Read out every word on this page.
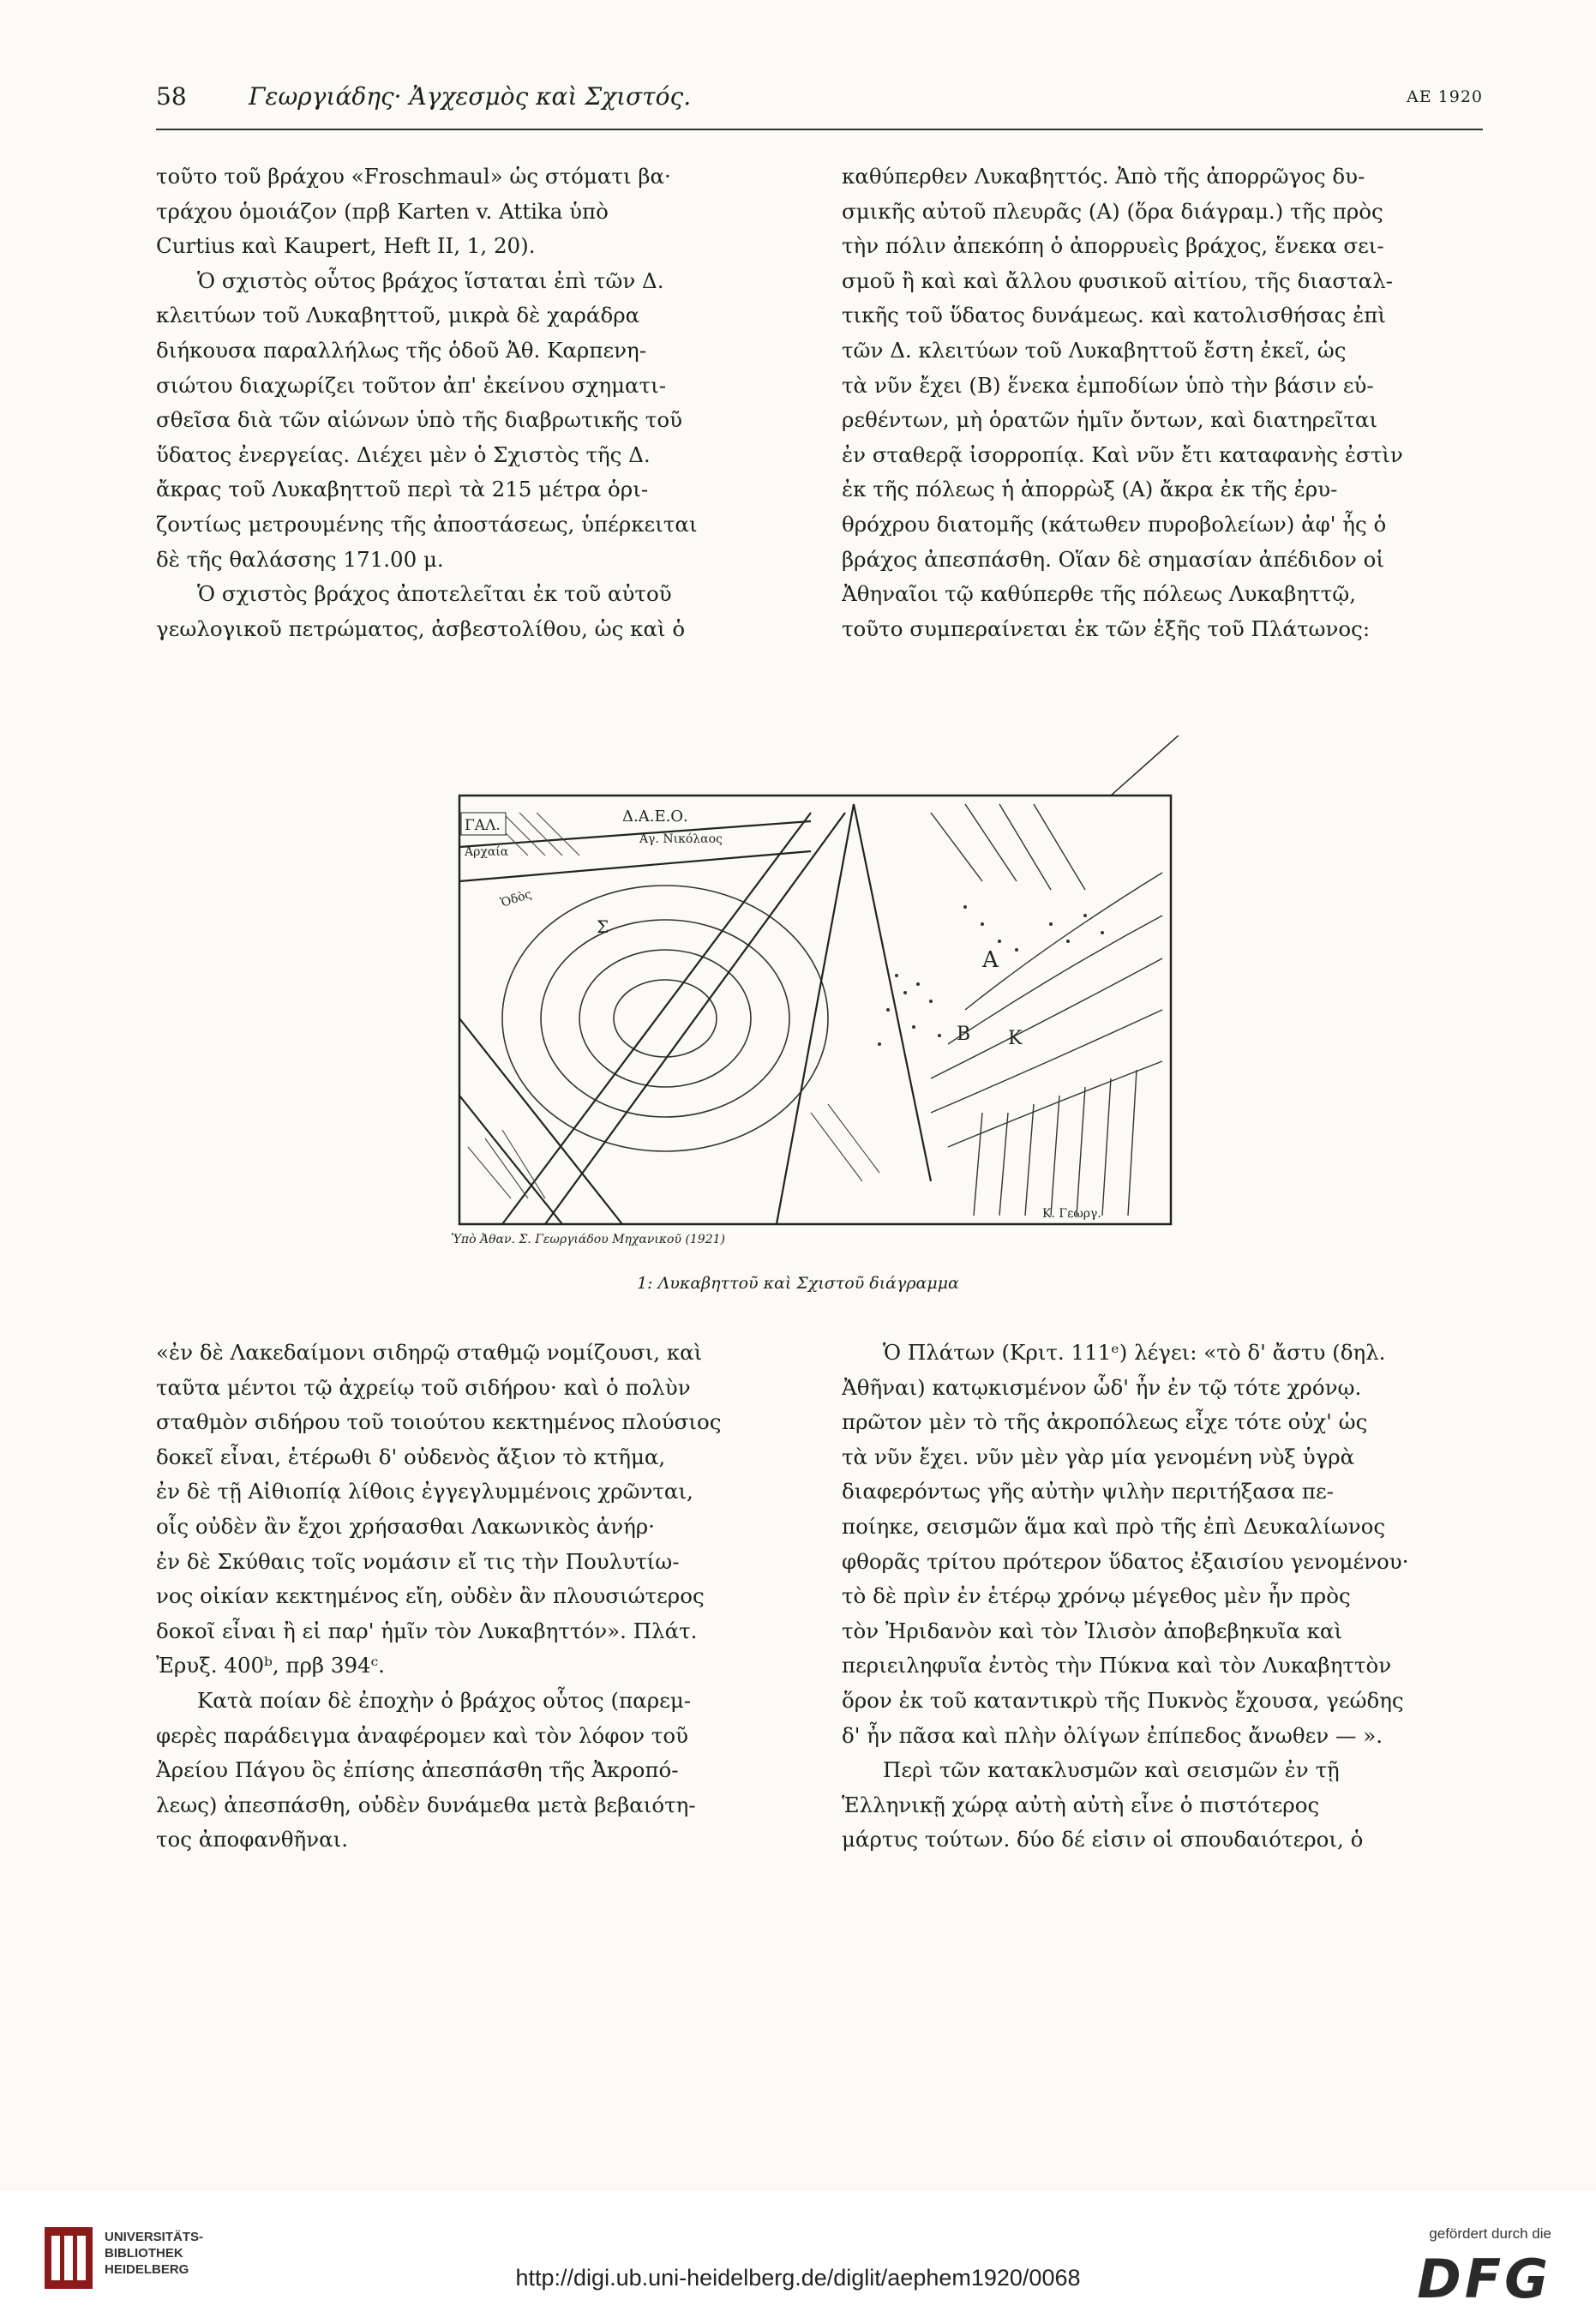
58	Γεωργιάδης· Ἀγχεσμὸς καὶ Σχιστός.	ΑΕ 1920
τοῦτο τοῦ βράχου «Froschmaul» ὡς στόματι βα·
τράχου ὁμοιάζον (πρβ Karten v. Attika ὑπὸ
Curtius καὶ Kaupert, Heft II, 1, 20).
Ὁ σχιστὸς οὗτος βράχος ἵσταται ἐπὶ τῶν Δ.
κλειτύων τοῦ Λυκαβηττοῦ, μικρὰ δὲ χαράδρα
διήκουσα παραλλήλως τῆς ὁδοῦ Ἀθ. Καρπενη-
σιώτου διαχωρίζει τοῦτον ἀπ' ἐκείνου σχηματι-
σθεῖσα διὰ τῶν αἰώνων ὑπὸ τῆς διαβρωτικῆς τοῦ
ὕδατος ἐνεργείας. Διέχει μὲν ὁ Σχιστὸς τῆς Δ.
ἄκρας τοῦ Λυκαβηττοῦ περὶ τὰ 215 μέτρα ὁρι-
ζοντίως μετρουμένης τῆς ἀποστάσεως, ὑπέρκειται
δὲ τῆς θαλάσσης 171.00 μ.
Ὁ σχιστὸς βράχος ἀποτελεῖται ἐκ τοῦ αὐτοῦ
γεωλογικοῦ πετρώματος, ἀσβεστολίθου, ὡς καὶ ὁ
καθύπερθεν Λυκαβηττός. Ἀπὸ τῆς ἀπορρῶγος δυ-
σμικῆς αὐτοῦ πλευρᾶς (Α) (ὅρα διάγραμ.) τῆς πρὸς
τὴν πόλιν ἀπεκόπη ὁ ἀπορρυεὶς βράχος, ἕνεκα σει-
σμοῦ ἢ καὶ καὶ ἄλλου φυσικοῦ αἰτίου, τῆς διασταλ-
τικῆς τοῦ ὕδατος δυνάμεως. καὶ κατολισθήσας ἐπὶ
τῶν Δ. κλειτύων τοῦ Λυκαβηττοῦ ἔστη ἐκεῖ, ὡς
τὰ νῦν ἔχει (Β) ἕνεκα ἐμποδίων ὑπὸ τὴν βάσιν εὑ-
ρεθέντων, μὴ ὁρατῶν ἡμῖν ὄντων, καὶ διατηρεῖται
ἐν σταθερᾷ ἰσορροπίᾳ. Καὶ νῦν ἔτι καταφανὴς ἐστὶν
ἐκ τῆς πόλεως ἡ ἀπορρὼξ (Α) ἄκρα ἐκ τῆς ἐρυ-
θρόχρου διατομῆς (κάτωθεν πυροβολείων) ἀφ' ἧς ὁ
βράχος ἀπεσπάσθη. Οἵαν δὲ σημασίαν ἀπέδιδον οἱ
Ἀθηναῖοι τῷ καθύπερθε τῆς πόλεως Λυκαβηττῷ,
τοῦτο συμπεραίνεται ἐκ τῶν ἑξῆς τοῦ Πλάτωνος:
ΓΑΛ.
Ἀρχαία
Δ.Α.Ε.Ο.
Ἁγ. Νικόλαος
Σ
Α
Β Κ
Ὁδὸς
Κ. Γεωργ.
Ὑπὸ Ἀθαν. Σ. Γεωργιάδου Μηχανικοῦ (1921)
1: Λυκαβηττοῦ καὶ Σχιστοῦ διάγραμμα
«ἐν δὲ Λακεδαίμονι σιδηρῷ σταθμῷ νομίζουσι, καὶ
ταῦτα μέντοι τῷ ἀχρείῳ τοῦ σιδήρου· καὶ ὁ πολὺν
σταθμὸν σιδήρου τοῦ τοιούτου κεκτημένος πλούσιος
δοκεῖ εἶναι, ἑτέρωθι δ' οὐδενὸς ἄξιον τὸ κτῆμα,
ἐν δὲ τῇ Αἰθιοπίᾳ λίθοις ἐγγεγλυμμένοις χρῶνται,
οἷς οὐδὲν ἂν ἔχοι χρήσασθαι Λακωνικὸς ἀνήρ·
ἐν δὲ Σκύθαις τοῖς νομάσιν εἴ τις τὴν Πουλυτίω-
νος οἰκίαν κεκτημένος εἴη, οὐδὲν ἂν πλουσιώτερος
δοκοῖ εἶναι ἢ εἰ παρ' ἡμῖν τὸν Λυκαβηττόν». Πλάτ.
Ἐρυξ. 400ᵇ, πρβ 394ᶜ.
Κατὰ ποίαν δὲ ἐποχὴν ὁ βράχος οὗτος (παρεμ-
φερὲς παράδειγμα ἀναφέρομεν καὶ τὸν λόφον τοῦ
Ἀρείου Πάγου ὃς ἐπίσης ἀπεσπάσθη τῆς Ἀκροπό-
λεως) ἀπεσπάσθη, οὐδὲν δυνάμεθα μετὰ βεβαιότη-
τος ἀποφανθῆναι.
Ὁ Πλάτων (Κριτ. 111ᵉ) λέγει: «τὸ δ' ἄστυ (δηλ.
Ἀθῆναι) κατῳκισμένον ὧδ' ἦν ἐν τῷ τότε χρόνῳ.
πρῶτον μὲν τὸ τῆς ἀκροπόλεως εἶχε τότε οὐχ' ὡς
τὰ νῦν ἔχει. νῦν μὲν γὰρ μία γενομένη νὺξ ὑγρὰ
διαφερόντως γῆς αὐτὴν ψιλὴν περιτήξασα πε-
ποίηκε, σεισμῶν ἅμα καὶ πρὸ τῆς ἐπὶ Δευκαλίωνος
φθορᾶς τρίτου πρότερον ὕδατος ἐξαισίου γενομένου·
τὸ δὲ πρὶν ἐν ἑτέρῳ χρόνῳ μέγεθος μὲν ἦν πρὸς
τὸν Ἠριδανὸν καὶ τὸν Ἰλισὸν ἀποβεβηκυῖα καὶ
περιειληφυῖα ἐντὸς τὴν Πύκνα καὶ τὸν Λυκαβηττὸν
ὅρον ἐκ τοῦ καταντικρὺ τῆς Πυκνὸς ἔχουσα, γεώδης
δ' ἦν πᾶσα καὶ πλὴν ὀλίγων ἐπίπεδος ἄνωθεν — ».
Περὶ τῶν κατακλυσμῶν καὶ σεισμῶν ἐν τῇ
Ἑλληνικῇ χώρᾳ αὐτὴ αὐτὴ εἶνε ὁ πιστότερος
μάρτυς τούτων. δύο δέ εἰσιν οἱ σπουδαιότεροι, ὁ
UNIVERSITÄTS-
BIBLIOTHEK
HEIDELBERG	http://digi.ub.uni-heidelberg.de/diglit/aephem1920/0068
gefördert durch die
DFG
